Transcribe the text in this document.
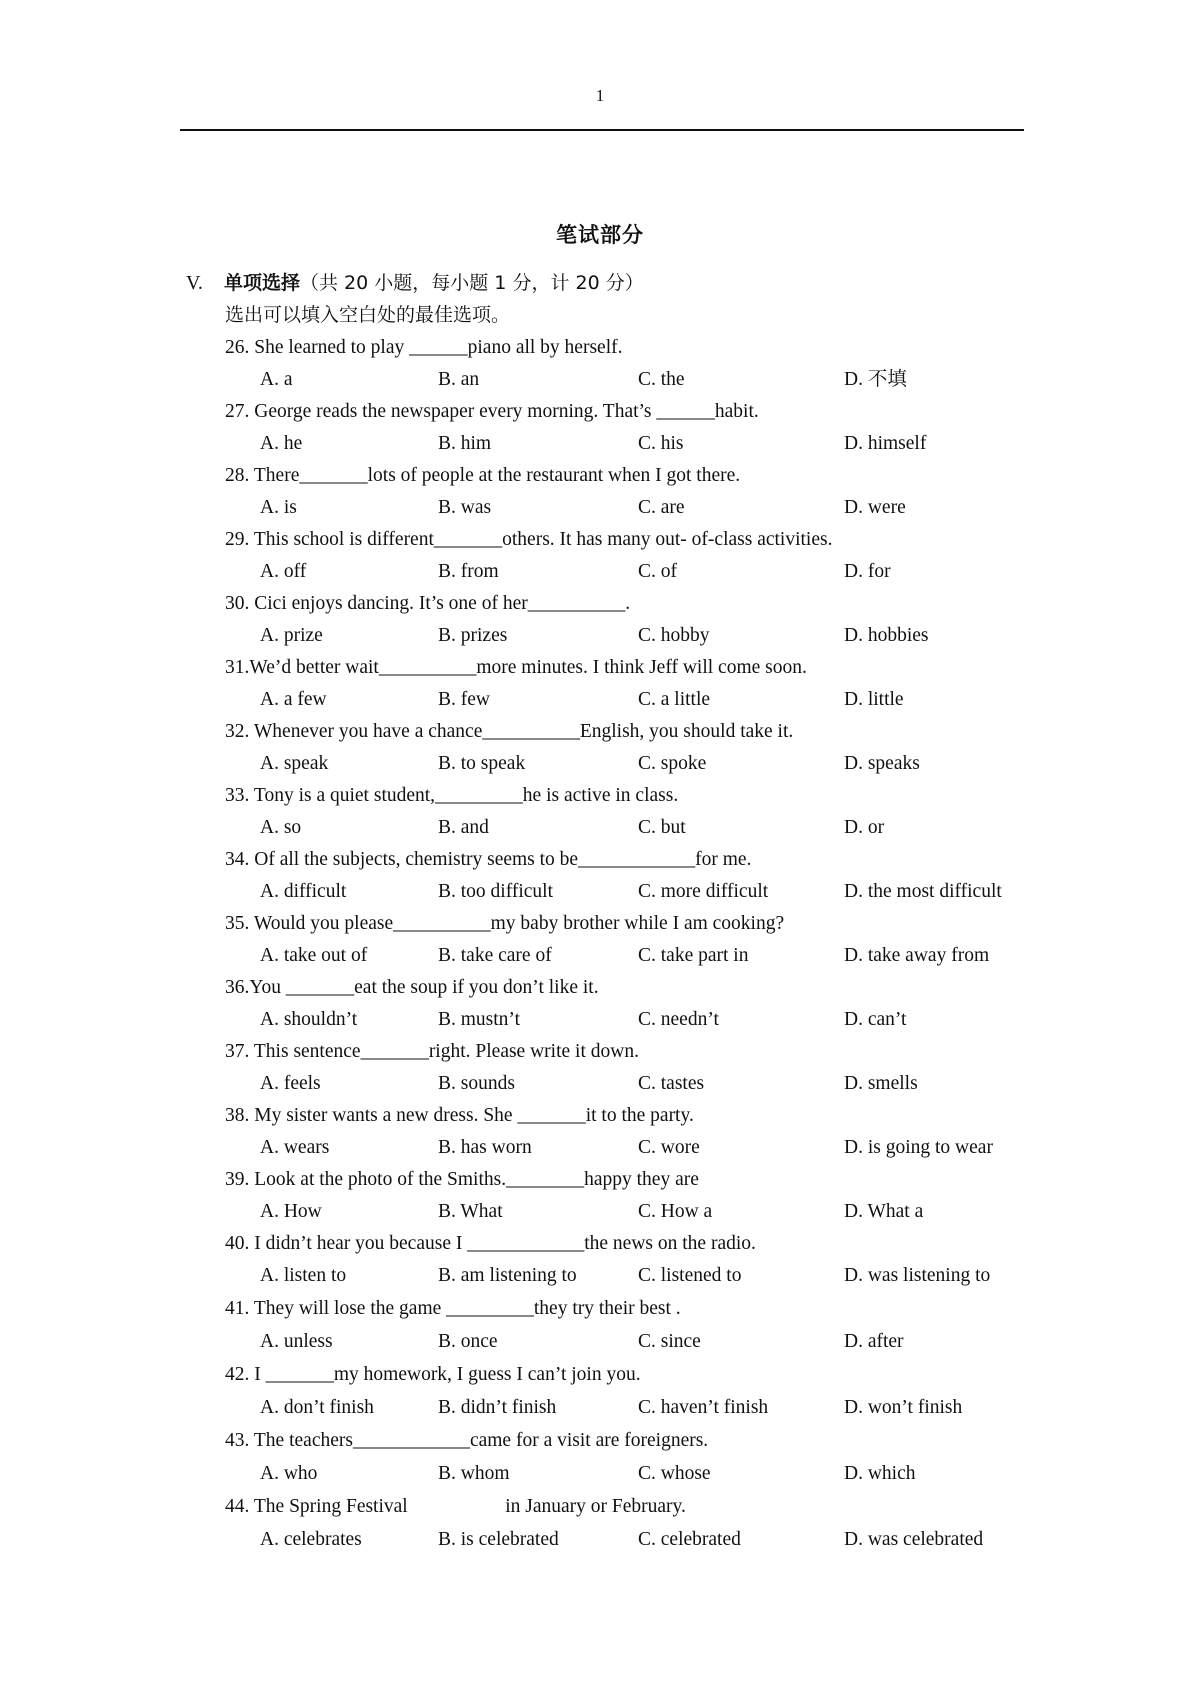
1
笔试部分
V. 单项选择（共 20 小题，每小题 1 分，计 20 分）
选出可以填入空白处的最佳选项。
26. She learned to play ______piano all by herself.
A. a	B. an	C. the	D. 不填
27. George reads the newspaper every morning. That’s ______habit.
A. he	B. him	C. his	D. himself
28. There_______lots of people at the restaurant when I got there.
A. is	B. was	C. are	D. were
29. This school is different_______others. It has many out- of-class activities.
A. off	B. from	C. of	D. for
30. Cici enjoys dancing. It’s one of her__________.
A. prize	B. prizes	C. hobby	D. hobbies
31.We’d better wait__________more minutes. I think Jeff will come soon.
A. a few	B. few	C. a little	D. little
32. Whenever you have a chance__________English, you should take it.
A. speak	B. to speak	C. spoke	D. speaks
33. Tony is a quiet student,_________he is active in class.
A. so	B. and	C. but	D. or
34. Of all the subjects, chemistry seems to be____________for me.
A. difficult	B. too difficult	C. more difficult	D. the most difficult
35. Would you please__________my baby brother while I am cooking?
A. take out of	B. take care of	C. take part in	D. take away from
36.You _______eat the soup if you don’t like it.
A. shouldn’t	B. mustn’t	C. needn’t	D. can’t
37. This sentence_______right. Please write it down.
A. feels	B. sounds	C. tastes	D. smells
38. My sister wants a new dress. She _______it to the party.
A. wears	B. has worn	C. wore	D. is going to wear
39. Look at the photo of the Smiths.________happy they are
A. How	B. What	C. How a	D. What a
40. I didn’t hear you because I ____________the news on the radio.
A. listen to	B. am listening to	C. listened to	D. was listening to
41. They will lose the game _________they try their best .
A. unless	B. once	C. since	D. after
42. I _______my homework, I guess I can’t join you.
A. don’t finish	B. didn’t finish	C. haven’t finish	D. won’t finish
43. The teachers____________came for a visit are foreigners.
A. who	B. whom	C. whose	D. which
44. The Spring Festival                    in January or February.
A. celebrates	B. is celebrated	C. celebrated	D. was celebrated
